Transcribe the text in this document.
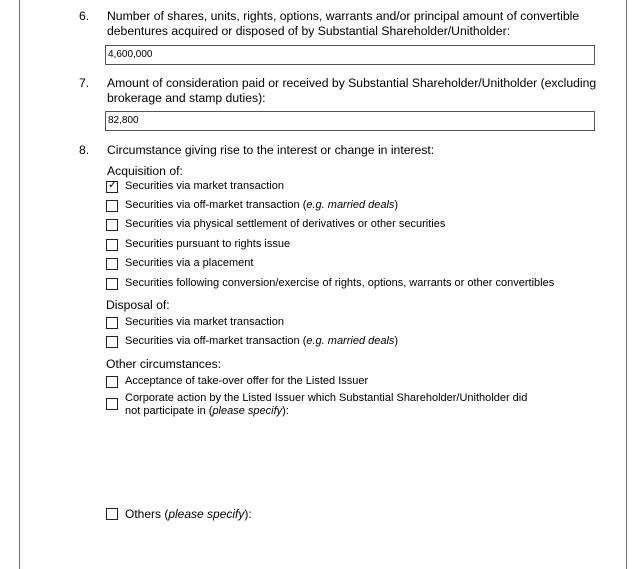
6. Number of shares, units, rights, options, warrants and/or principal amount of convertible debentures acquired or disposed of by Substantial Shareholder/Unitholder:
4,600,000
7. Amount of consideration paid or received by Substantial Shareholder/Unitholder (excluding brokerage and stamp duties):
82,800
8. Circumstance giving rise to the interest or change in interest:
Acquisition of:
✓ Securities via market transaction
Securities via off-market transaction (e.g. married deals)
Securities via physical settlement of derivatives or other securities
Securities pursuant to rights issue
Securities via a placement
Securities following conversion/exercise of rights, options, warrants or other convertibles
Disposal of:
Securities via market transaction
Securities via off-market transaction (e.g. married deals)
Other circumstances:
Acceptance of take-over offer for the Listed Issuer
Corporate action by the Listed Issuer which Substantial Shareholder/Unitholder did not participate in (please specify):
Others (please specify):
